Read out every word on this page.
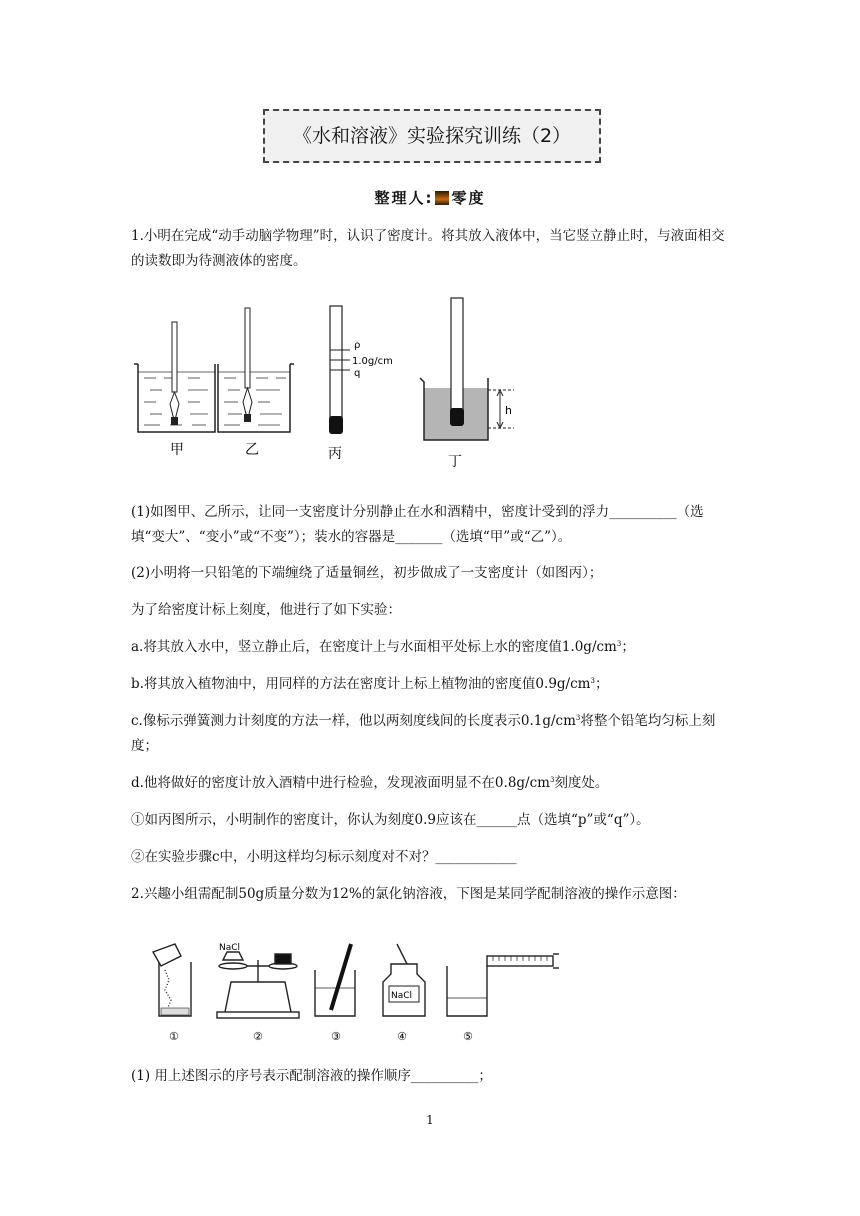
《水和溶液》实验探究训练（2）
整理人: 零度
1.小明在完成“动手动脑学物理”时，认识了密度计。将其放入液体中，当它竖立静止时，与液面相交的读数即为待测液体的密度。
甲	乙
ρ
1.0g/cm
q
丙
h
丁
(1)如图甲、乙所示，让同一支密度计分别静止在水和酒精中，密度计受到的浮力__________（选填“变大”、“变小”或“不变”）；装水的容器是_______（选填“甲”或“乙”）。
(2)小明将一只铅笔的下端缠绕了适量铜丝，初步做成了一支密度计（如图丙）；
为了给密度计标上刻度，他进行了如下实验：
a.将其放入水中，竖立静止后，在密度计上与水面相平处标上水的密度值$1.0g/cm^3$；
b.将其放入植物油中，用同样的方法在密度计上标上植物油的密度值$0.9g/cm^3$；
c.像标示弹簧测力计刻度的方法一样，他以两刻度线间的长度表示$0.1g/cm^3$将整个铅笔均匀标上刻度；
d.他将做好的密度计放入酒精中进行检验，发现液面明显不在$0.8g/cm^3$刻度处。
①如丙图所示，小明制作的密度计，你认为刻度0.9应该在______点（选填“p”或“q”）。
②在实验步骤c中，小明这样均匀标示刻度对不对？____________
2.兴趣小组需配制50g质量分数为12%的氯化钠溶液，下图是某同学配制溶液的操作示意图：
①
NaCl
②	③
NaCl
④	⑤
(1) 用上述图示的序号表示配制溶液的操作顺序__________；
1
